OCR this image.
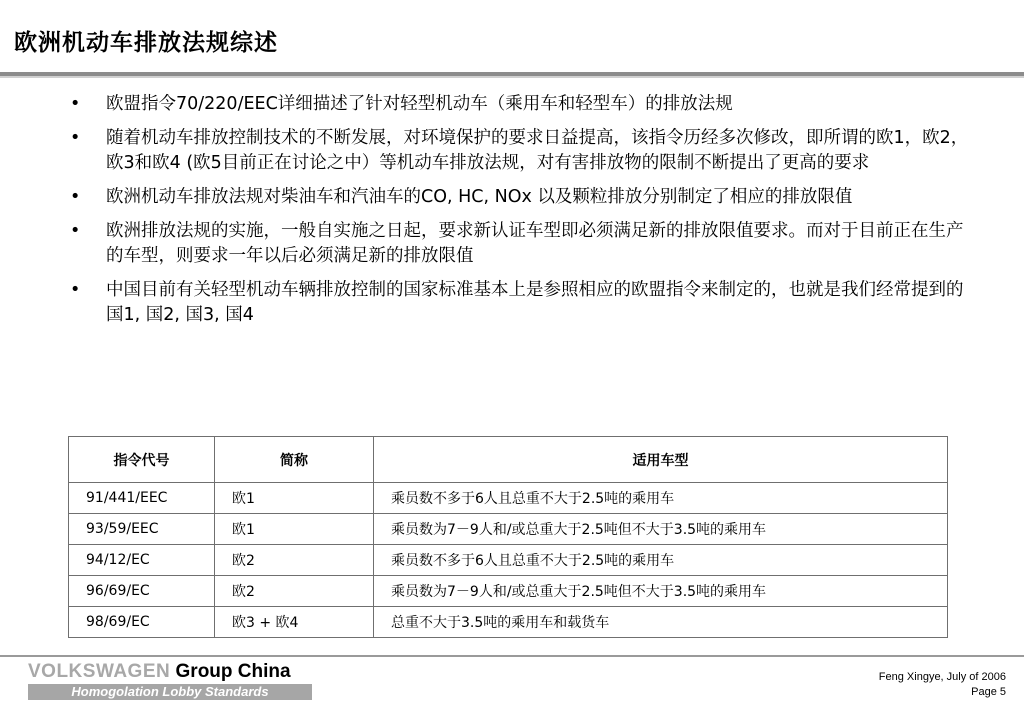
欧洲机动车排放法规综述
• 欧盟指令70/220/EEC详细描述了针对轻型机动车（乘用车和轻型车）的排放法规
• 随着机动车排放控制技术的不断发展，对环境保护的要求日益提高，该指令历经多次修改，即所谓的欧1，欧2，欧3和欧4 (欧5目前正在讨论之中）等机动车排放法规，对有害排放物的限制不断提出了更高的要求
• 欧洲机动车排放法规对柴油车和汽油车的CO, HC, NOx 以及颗粒排放分别制定了相应的排放限值
• 欧洲排放法规的实施，一般自实施之日起，要求新认证车型即必须满足新的排放限值要求。而对于目前正在生产的车型，则要求一年以后必须满足新的排放限值
• 中国目前有关轻型机动车辆排放控制的国家标准基本上是参照相应的欧盟指令来制定的，也就是我们经常提到的国1, 国2, 国3, 国4
指令代号	简称	适用车型
91/441/EEC	欧1	乘员数不多于6人且总重不大于2.5吨的乘用车
93/59/EEC	欧1	乘员数为7－9人和/或总重大于2.5吨但不大于3.5吨的乘用车
94/12/EC	欧2	乘员数不多于6人且总重不大于2.5吨的乘用车
96/69/EC	欧2	乘员数为7－9人和/或总重大于2.5吨但不大于3.5吨的乘用车
98/69/EC	欧3 + 欧4	总重不大于3.5吨的乘用车和载货车
VOLKSWAGEN Group China
Homogolation Lobby Standards
Feng Xingye, July of 2006
Page 5
